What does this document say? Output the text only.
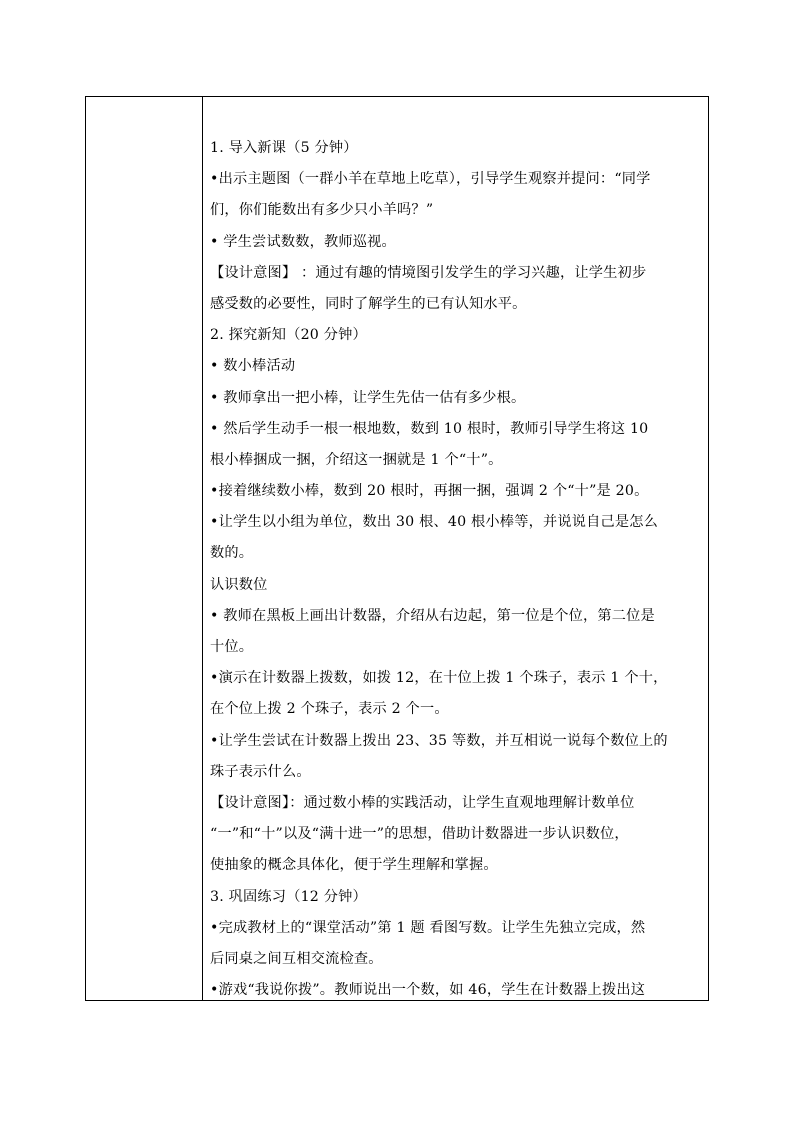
1. 导入新课（5 分钟）
•出示主题图（一群小羊在草地上吃草），引导学生观察并提问：“同学
们，你们能数出有多少只小羊吗？”
• 学生尝试数数，教师巡视。
【设计意图】 ：通过有趣的情境图引发学生的学习兴趣，让学生初步
感受数的必要性，同时了解学生的已有认知水平。
2. 探究新知（20 分钟）
• 数小棒活动
• 教师拿出一把小棒，让学生先估一估有多少根。
• 然后学生动手一根一根地数，数到 10 根时，教师引导学生将这 10
根小棒捆成一捆，介绍这一捆就是 1 个“十”。
•接着继续数小棒，数到 20 根时，再捆一捆，强调 2 个“十”是 20。
•让学生以小组为单位，数出 30 根、40 根小棒等，并说说自己是怎么
数的。
认识数位
• 教师在黑板上画出计数器，介绍从右边起，第一位是个位，第二位是
十位。
•演示在计数器上拨数，如拨 12，在十位上拨 1 个珠子，表示 1 个十，
在个位上拨 2 个珠子，表示 2 个一。
•让学生尝试在计数器上拨出 23、35 等数，并互相说一说每个数位上的
珠子表示什么。
【设计意图】：通过数小棒的实践活动，让学生直观地理解计数单位
“一”和“十”以及“满十进一”的思想，借助计数器进一步认识数位，
使抽象的概念具体化，便于学生理解和掌握。
3. 巩固练习（12 分钟）
•完成教材上的“课堂活动”第 1 题 看图写数。让学生先独立完成，然
后同桌之间互相交流检查。
•游戏“我说你拨”。教师说出一个数，如 46，学生在计数器上拨出这
